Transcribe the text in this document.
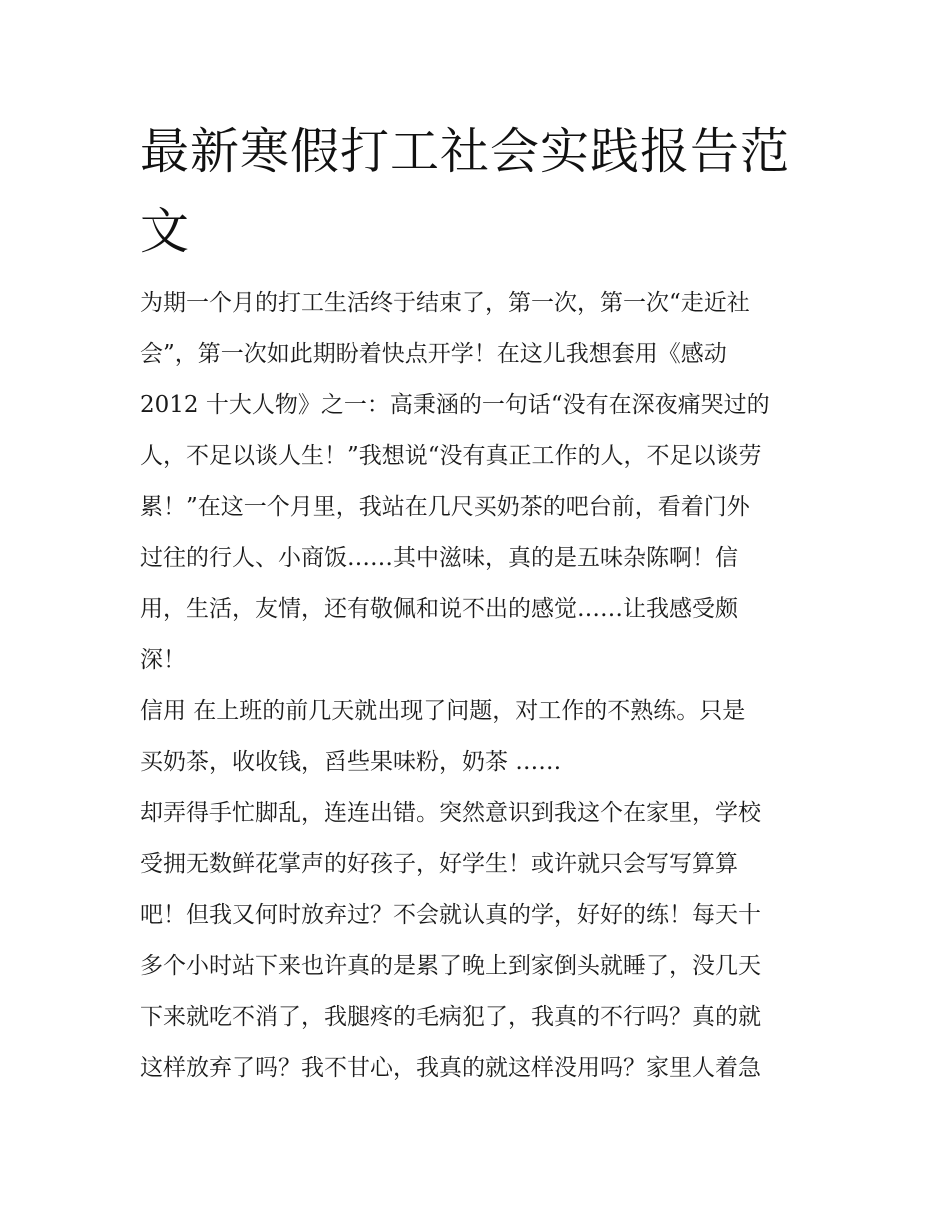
最新寒假打工社会实践报告范
文
为期一个月的打工生活终于结束了，第一次，第一次“走近社
会”，第一次如此期盼着快点开学！在这儿我想套用《感动
2012 十大人物》之一：高秉涵的一句话“没有在深夜痛哭过的
人，不足以谈人生！”我想说“没有真正工作的人，不足以谈劳
累！”在这一个月里，我站在几尺买奶茶的吧台前，看着门外
过往的行人、小商饭……其中滋味，真的是五味杂陈啊！信
用，生活，友情，还有敬佩和说不出的感觉……让我感受颇
深！
信用 在上班的前几天就出现了问题，对工作的不熟练。只是
买奶茶，收收钱，舀些果味粉，奶茶 ……
却弄得手忙脚乱，连连出错。突然意识到我这个在家里，学校
受拥无数鲜花掌声的好孩子，好学生！或许就只会写写算算
吧！但我又何时放弃过？不会就认真的学，好好的练！每天十
多个小时站下来也许真的是累了晚上到家倒头就睡了，没几天
下来就吃不消了，我腿疼的毛病犯了，我真的不行吗？真的就
这样放弃了吗？我不甘心，我真的就这样没用吗？家里人着急
